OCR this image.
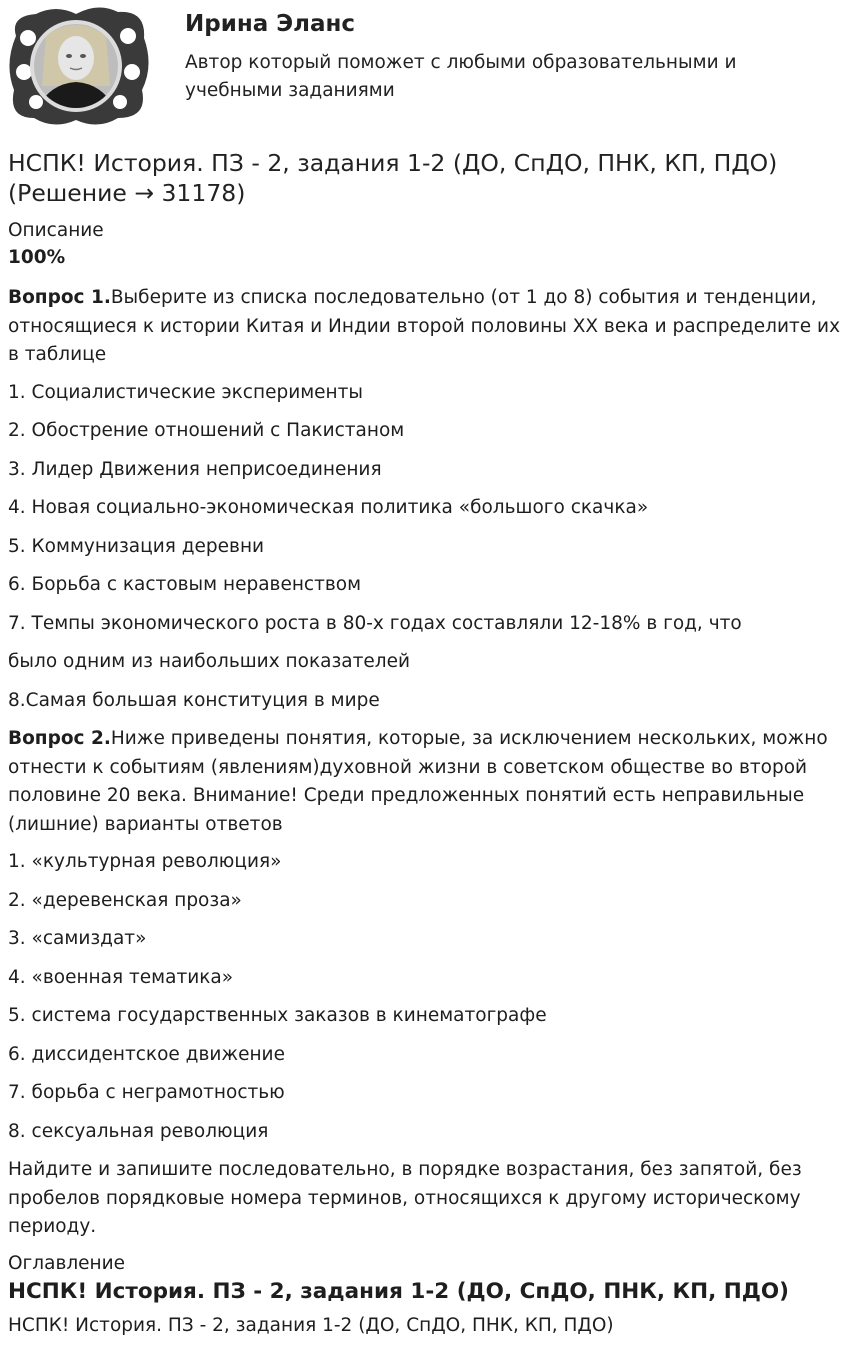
Ирина Эланс
Автор который поможет с любыми образовательными и учебными заданиями
НСПК! История. ПЗ - 2, задания 1-2 (ДО, СпДО, ПНК, КП, ПДО) (Решение → 31178)
Описание
100%

Вопрос 1.Выберите из списка последовательно (от 1 до 8) события и тенденции, относящиеся к истории Китая и Индии второй половины XX века и распределите их в таблице

1. Социалистические эксперименты
2. Обострение отношений с Пакистаном
3. Лидер Движения неприсоединения
4. Новая социально-экономическая политика «большого скачка»
5. Коммунизация деревни
6. Борьба с кастовым неравенством
7. Темпы экономического роста в 80-х годах составляли 12-18% в год, что
было одним из наибольших показателей
8.Самая большая конституция в мире

Вопрос 2.Ниже приведены понятия, которые, за исключением нескольких, можно отнести к событиям (явлениям)духовной жизни в советском обществе во второй половине 20 века. Внимание! Среди предложенных понятий есть неправильные (лишние) варианты ответов

1. «культурная революция»
2. «деревенская проза»
3. «самиздат»
4. «военная тематика»
5. система государственных заказов в кинематографе
6. диссидентское движение
7. борьба с неграмотностью
8. сексуальная революция

Найдите и запишите последовательно, в порядке возрастания, без запятой, без пробелов порядковые номера терминов, относящихся к другому историческому периоду.

Оглавление
НСПК! История. ПЗ - 2, задания 1-2 (ДО, СпДО, ПНК, КП, ПДО)
НСПК! История. ПЗ - 2, задания 1-2 (ДО, СпДО, ПНК, КП, ПДО)
